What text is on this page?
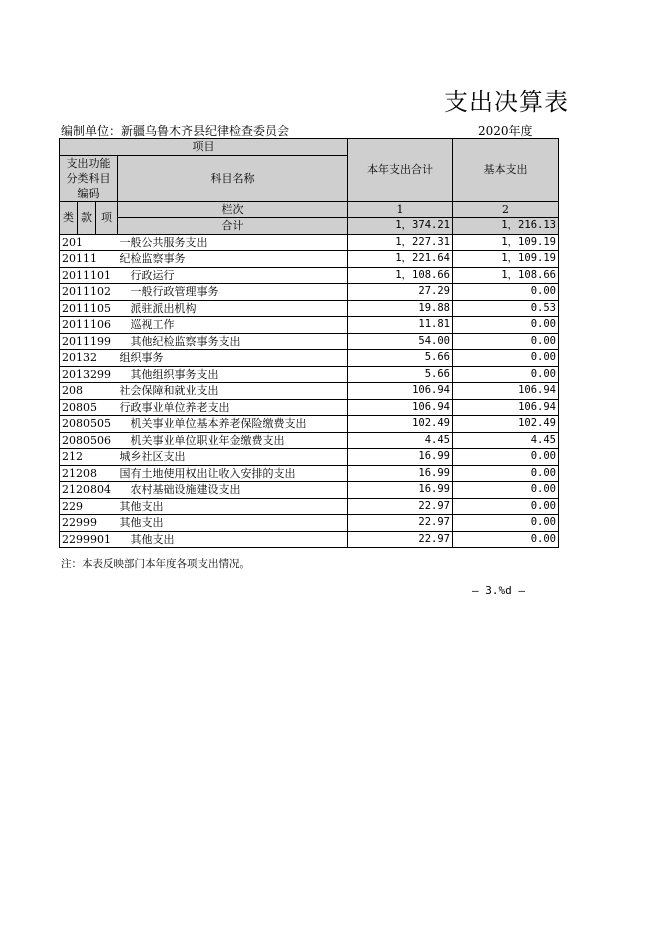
支出决算表
编制单位：新疆乌鲁木齐县纪律检查委员会	2020年度
项目				本年支出合计	基本支出
支出功能分类科目编码			科目名称		

类	款	项	栏次	1	2
			合计	1，374.21	1，216.13
201			一般公共服务支出	1，227.31	1，109.19
20111			纪检监察事务	1，221.64	1，109.19
2011101			　行政运行	1，108.66	1，108.66
2011102			　一般行政管理事务	27.29	0.00
2011105			　派驻派出机构	19.88	0.53
2011106			　巡视工作	11.81	0.00
2011199			　其他纪检监察事务支出	54.00	0.00
20132			组织事务	5.66	0.00
2013299			　其他组织事务支出	5.66	0.00
208			社会保障和就业支出	106.94	106.94
20805			行政事业单位养老支出	106.94	106.94
2080505			　机关事业单位基本养老保险缴费支出	102.49	102.49
2080506			　机关事业单位职业年金缴费支出	4.45	4.45
212			城乡社区支出	16.99	0.00
21208			国有土地使用权出让收入安排的支出	16.99	0.00
2120804			　农村基础设施建设支出	16.99	0.00
229			其他支出	22.97	0.00
22999			其他支出	22.97	0.00
2299901			　其他支出	22.97	0.00
注：本表反映部门本年度各项支出情况。
— 3.%d —
